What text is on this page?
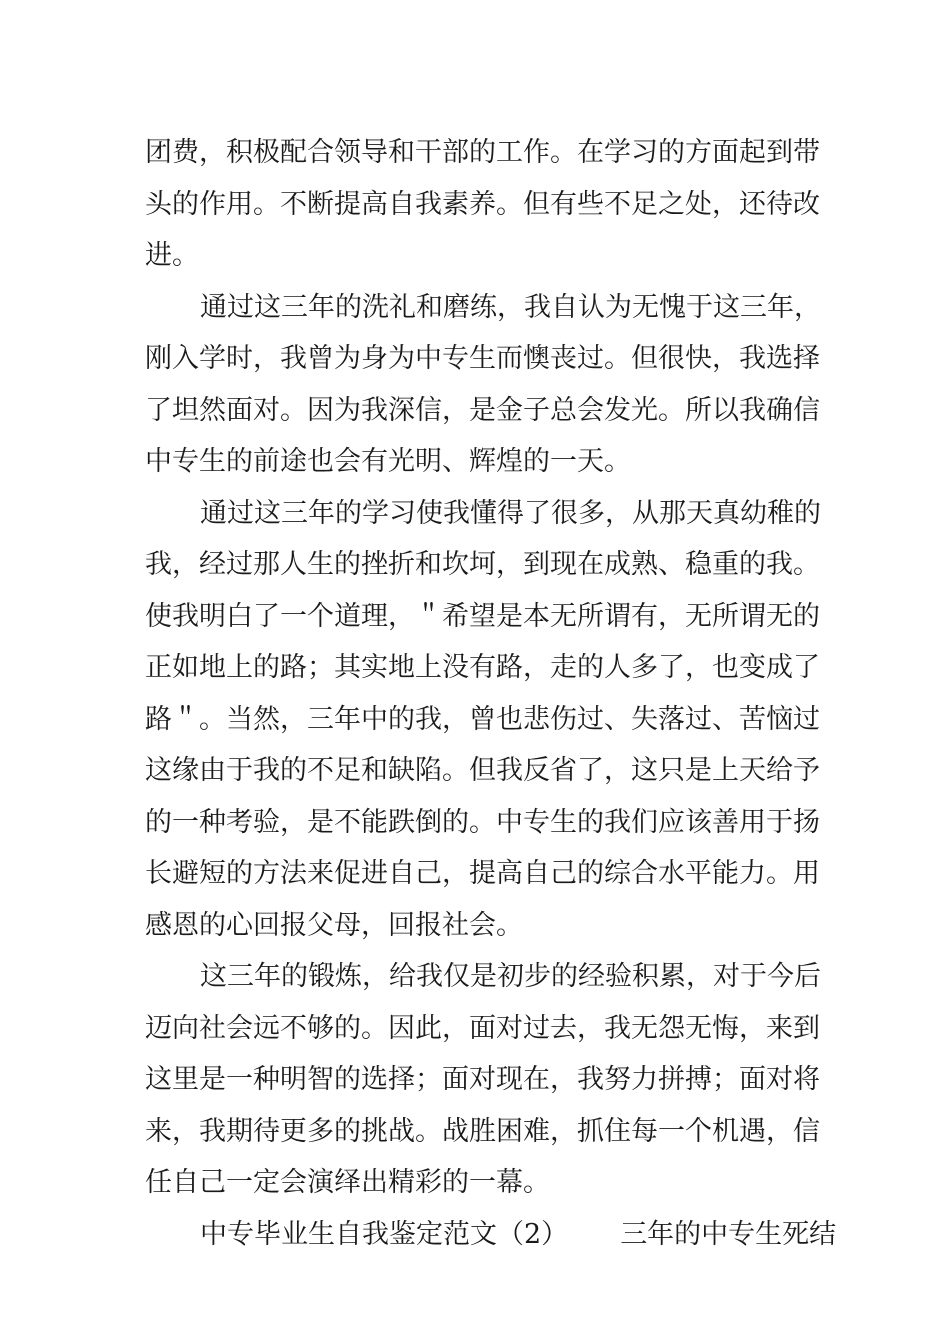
团费，积极配合领导和干部的工作。在学习的方面起到带
头的作用。不断提高自我素养。但有些不足之处，还待改
进。
通过这三年的洗礼和磨练，我自认为无愧于这三年，
刚入学时，我曾为身为中专生而懊丧过。但很快，我选择
了坦然面对。因为我深信，是金子总会发光。所以我确信
中专生的前途也会有光明、辉煌的一天。
通过这三年的学习使我懂得了很多，从那天真幼稚的
我，经过那人生的挫折和坎坷，到现在成熟、稳重的我。
使我明白了一个道理，＂希望是本无所谓有，无所谓无的
正如地上的路；其实地上没有路，走的人多了，也变成了
路＂。当然，三年中的我，曾也悲伤过、失落过、苦恼过
这缘由于我的不足和缺陷。但我反省了，这只是上天给予
的一种考验，是不能跌倒的。中专生的我们应该善用于扬
长避短的方法来促进自己，提高自己的综合水平能力。用
感恩的心回报父母，回报社会。
这三年的锻炼，给我仅是初步的经验积累，对于今后
迈向社会远不够的。因此，面对过去，我无怨无悔，来到
这里是一种明智的选择；面对现在，我努力拼搏；面对将
来，我期待更多的挑战。战胜困难，抓住每一个机遇，信
任自己一定会演绎出精彩的一幕。
中专毕业生自我鉴定范文（2） 三年的中专生死结
